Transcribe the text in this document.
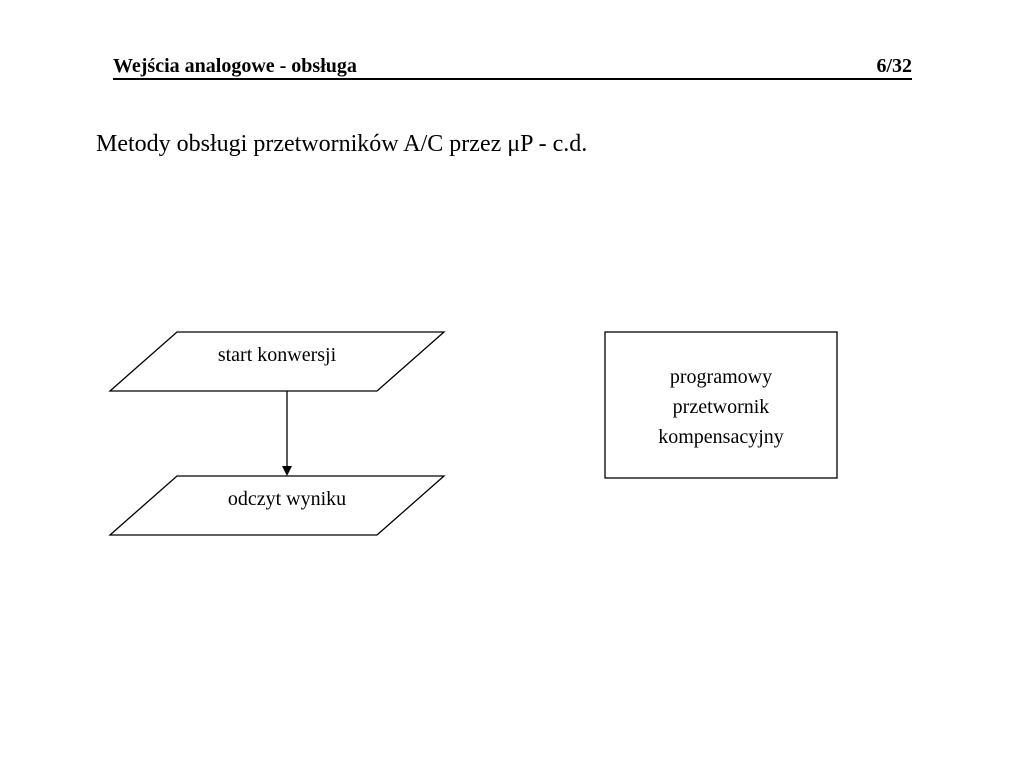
Wejścia analogowe - obsługa	6/32
Metody obsługi przetworników A/C przez μP - c.d.
start konwersji
odczyt wyniku
programowy
przetwornik
kompensacyjny
